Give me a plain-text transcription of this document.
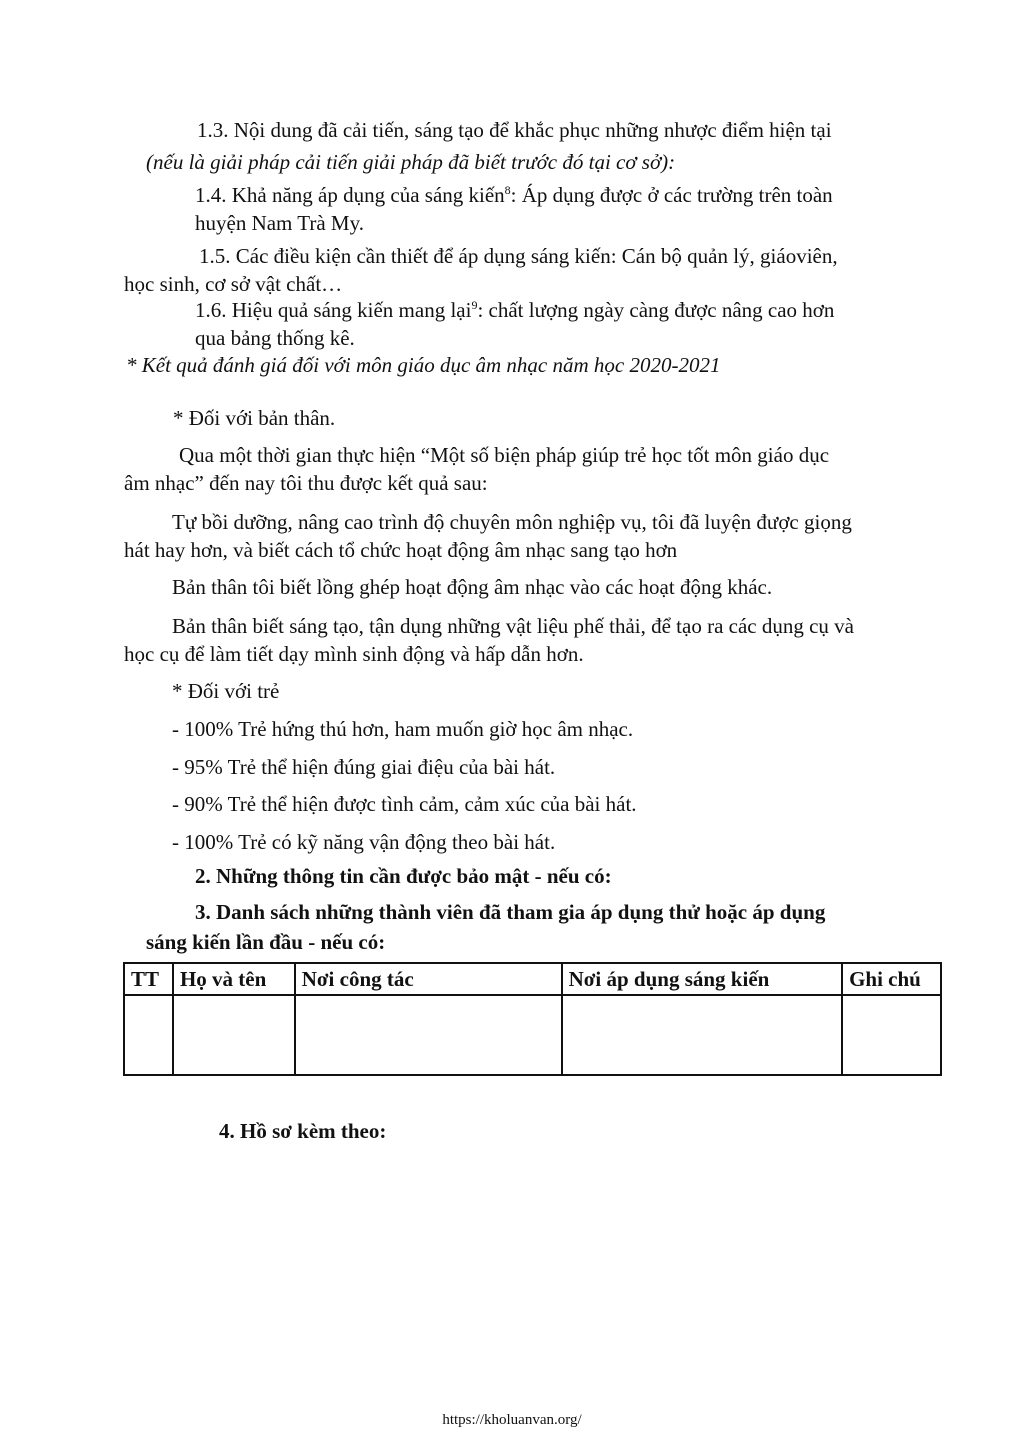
1.3. Nội dung đã cải tiến, sáng tạo để khắc phục những nhược điểm hiện tại
(nếu là giải pháp cải tiến giải pháp đã biết trước đó tại cơ sở):
1.4. Khả năng áp dụng của sáng kiến$^8$: Áp dụng được ở các trường trên toàn
huyện Nam Trà My.
1.5. Các điều kiện cần thiết để áp dụng sáng kiến: Cán bộ quản lý, giáoviên,
học sinh, cơ sở vật chất…
1.6. Hiệu quả sáng kiến mang lại$^9$: chất lượng ngày càng được nâng cao hơn
qua bảng thống kê.
* Kết quả đánh giá đối với môn giáo dục âm nhạc năm học 2020-2021
* Đối với bản thân.
Qua một thời gian thực hiện “Một số biện pháp giúp trẻ học tốt môn giáo dục
âm nhạc” đến nay tôi thu được kết quả sau:
Tự bồi dưỡng, nâng cao trình độ chuyên môn nghiệp vụ, tôi đã luyện được giọng
hát hay hơn, và biết cách tổ chức hoạt động âm nhạc sang tạo hơn
Bản thân tôi biết lồng ghép hoạt động âm nhạc vào các hoạt động khác.
Bản thân biết sáng tạo, tận dụng những vật liệu phế thải, để tạo ra các dụng cụ và
học cụ để làm tiết dạy mình sinh động và hấp dẫn hơn.
* Đối với trẻ
- 100% Trẻ hứng thú hơn, ham muốn giờ học âm nhạc.
- 95% Trẻ thể hiện đúng giai điệu của bài hát.
- 90% Trẻ thể hiện được tình cảm, cảm xúc của bài hát.
- 100% Trẻ có kỹ năng vận động theo bài hát.
2. Những thông tin cần được bảo mật - nếu có:
3. Danh sách những thành viên đã tham gia áp dụng thử hoặc áp dụng
sáng kiến lần đầu - nếu có:
TT	Họ và tên	Nơi công tác	Nơi áp dụng sáng kiến	Ghi chú

4. Hồ sơ kèm theo:
https://kholuanvan.org/
